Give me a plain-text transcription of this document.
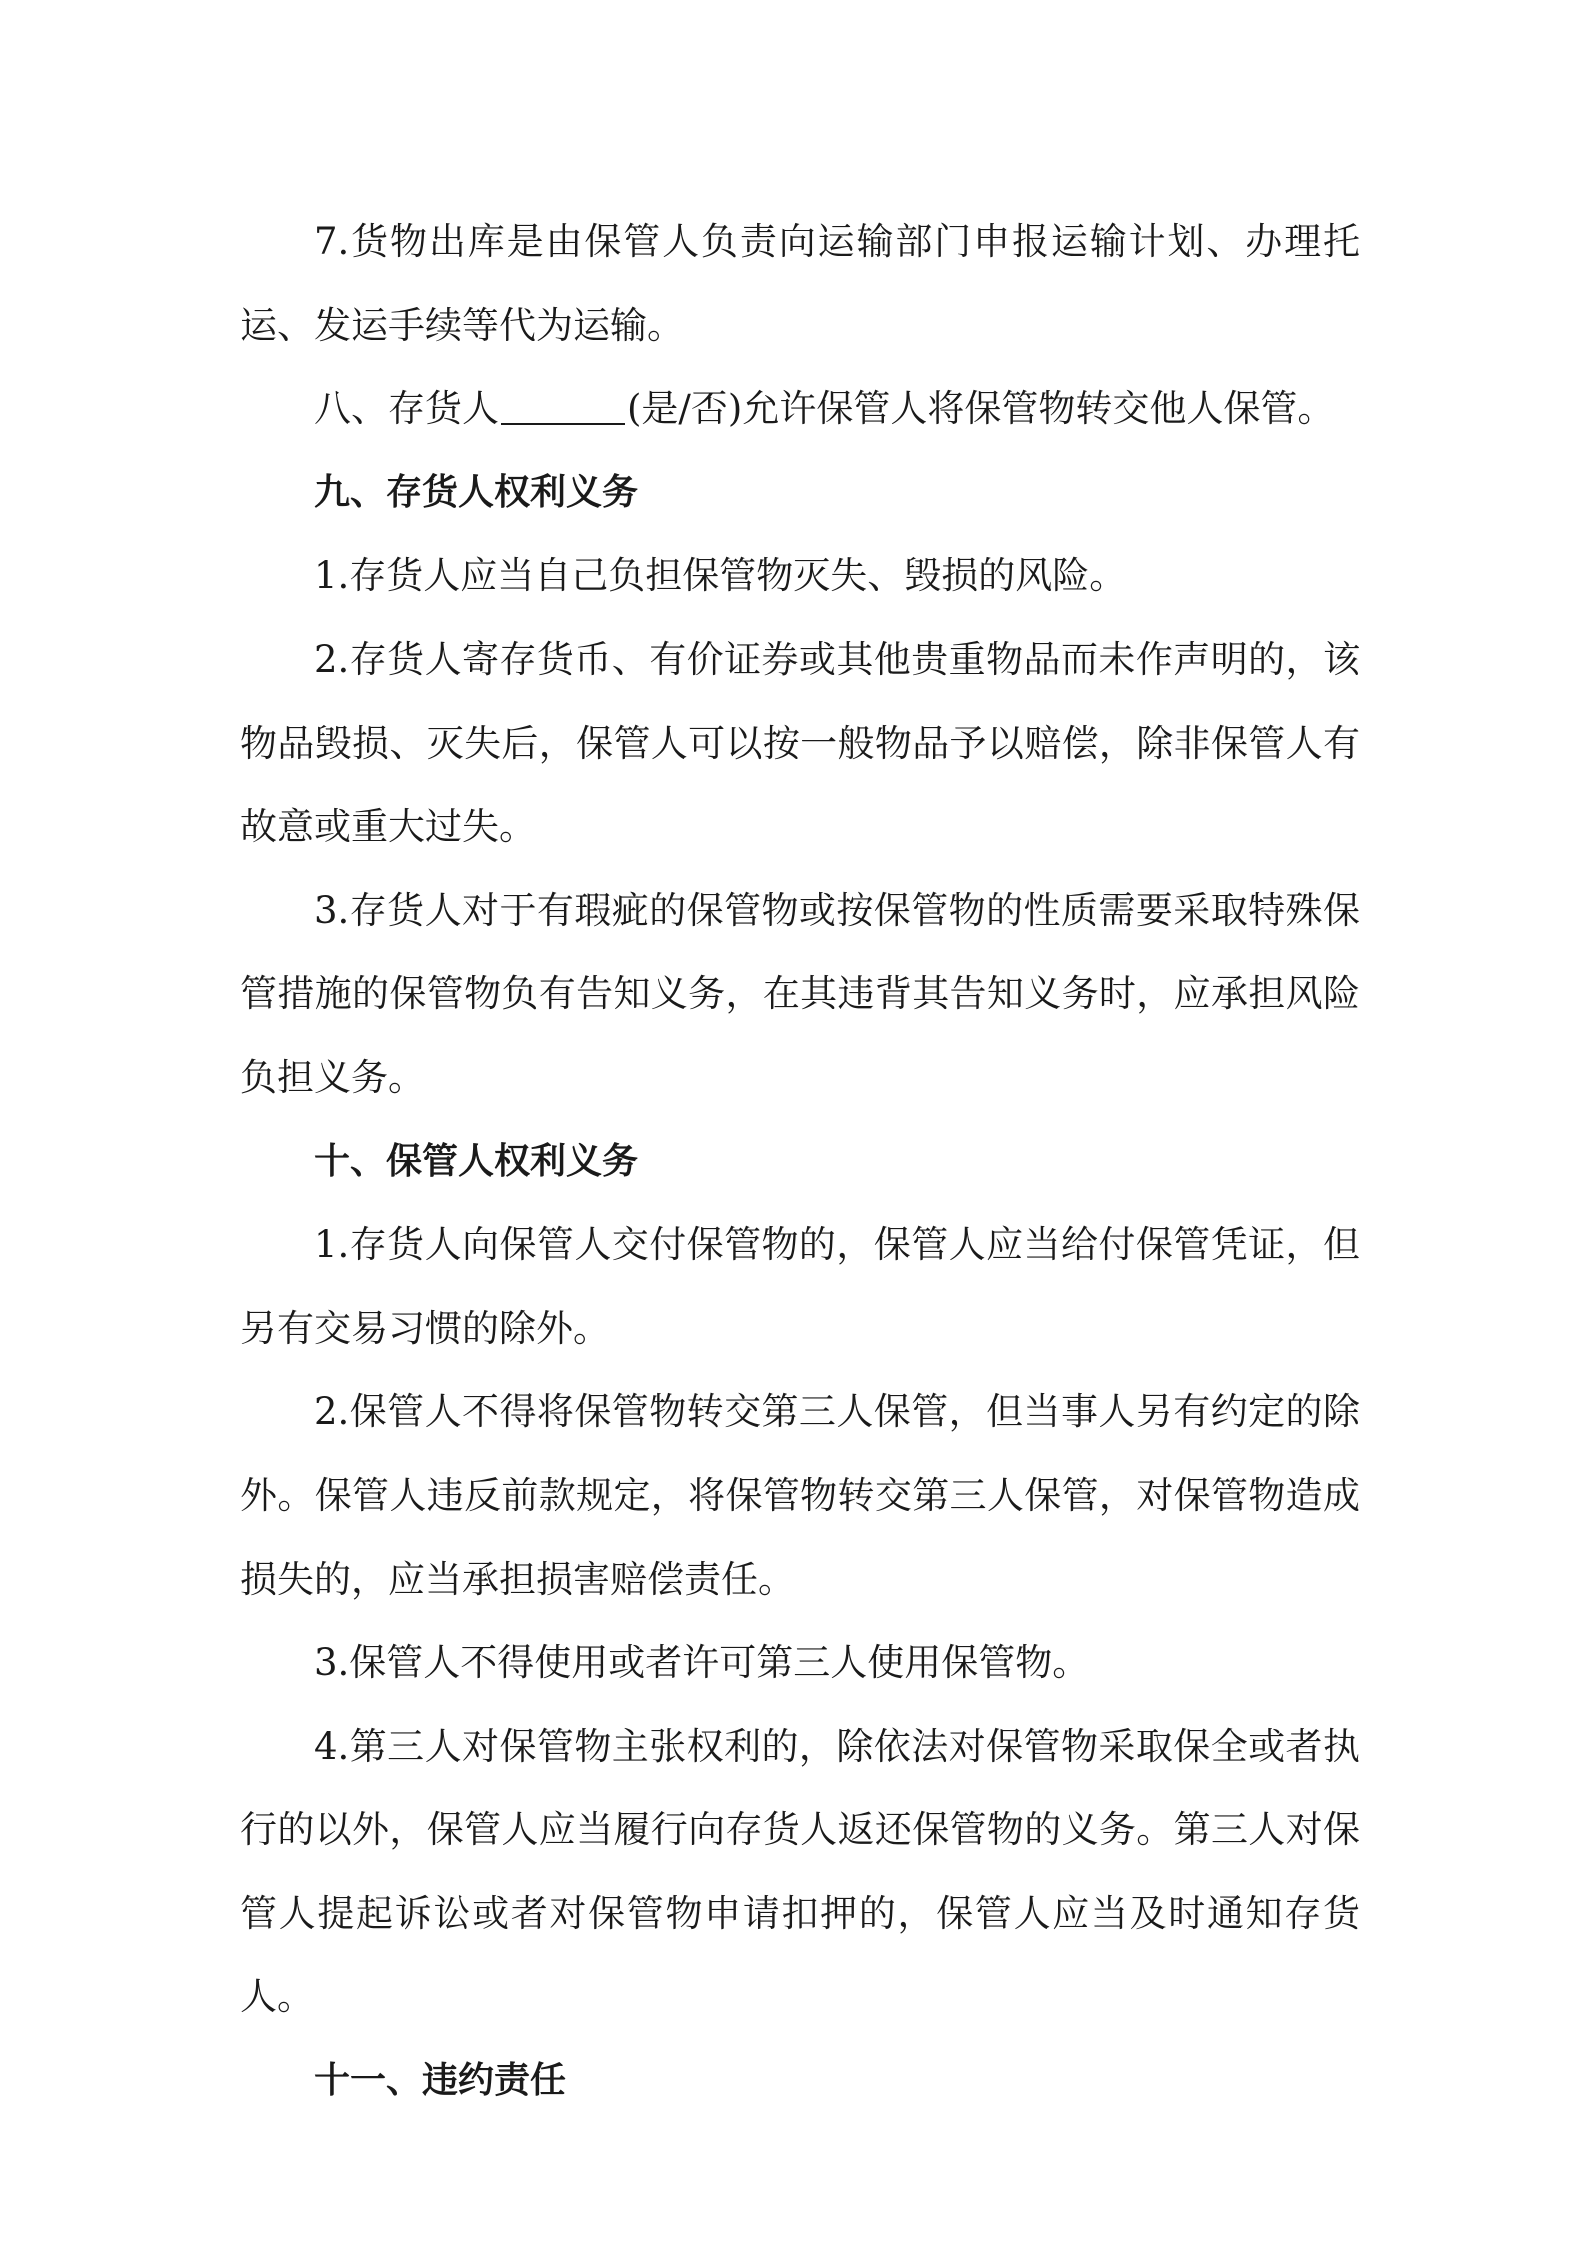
7.货物出库是由保管人负责向运输部门申报运输计划、办理托运、发运手续等代为运输。

八、存货人	(是/否)允许保管人将保管物转交他人保管。

九、存货人权利义务

1.存货人应当自己负担保管物灭失、毁损的风险。

2.存货人寄存货币、有价证券或其他贵重物品而未作声明的，该物品毁损、灭失后，保管人可以按一般物品予以赔偿，除非保管人有故意或重大过失。

3.存货人对于有瑕疵的保管物或按保管物的性质需要采取特殊保管措施的保管物负有告知义务，在其违背其告知义务时，应承担风险负担义务。

十、保管人权利义务

1.存货人向保管人交付保管物的，保管人应当给付保管凭证，但另有交易习惯的除外。

2.保管人不得将保管物转交第三人保管，但当事人另有约定的除外。保管人违反前款规定，将保管物转交第三人保管，对保管物造成损失的，应当承担损害赔偿责任。

3.保管人不得使用或者许可第三人使用保管物。

4.第三人对保管物主张权利的，除依法对保管物采取保全或者执行的以外，保管人应当履行向存货人返还保管物的义务。第三人对保管人提起诉讼或者对保管物申请扣押的，保管人应当及时通知存货人。

十一、违约责任
